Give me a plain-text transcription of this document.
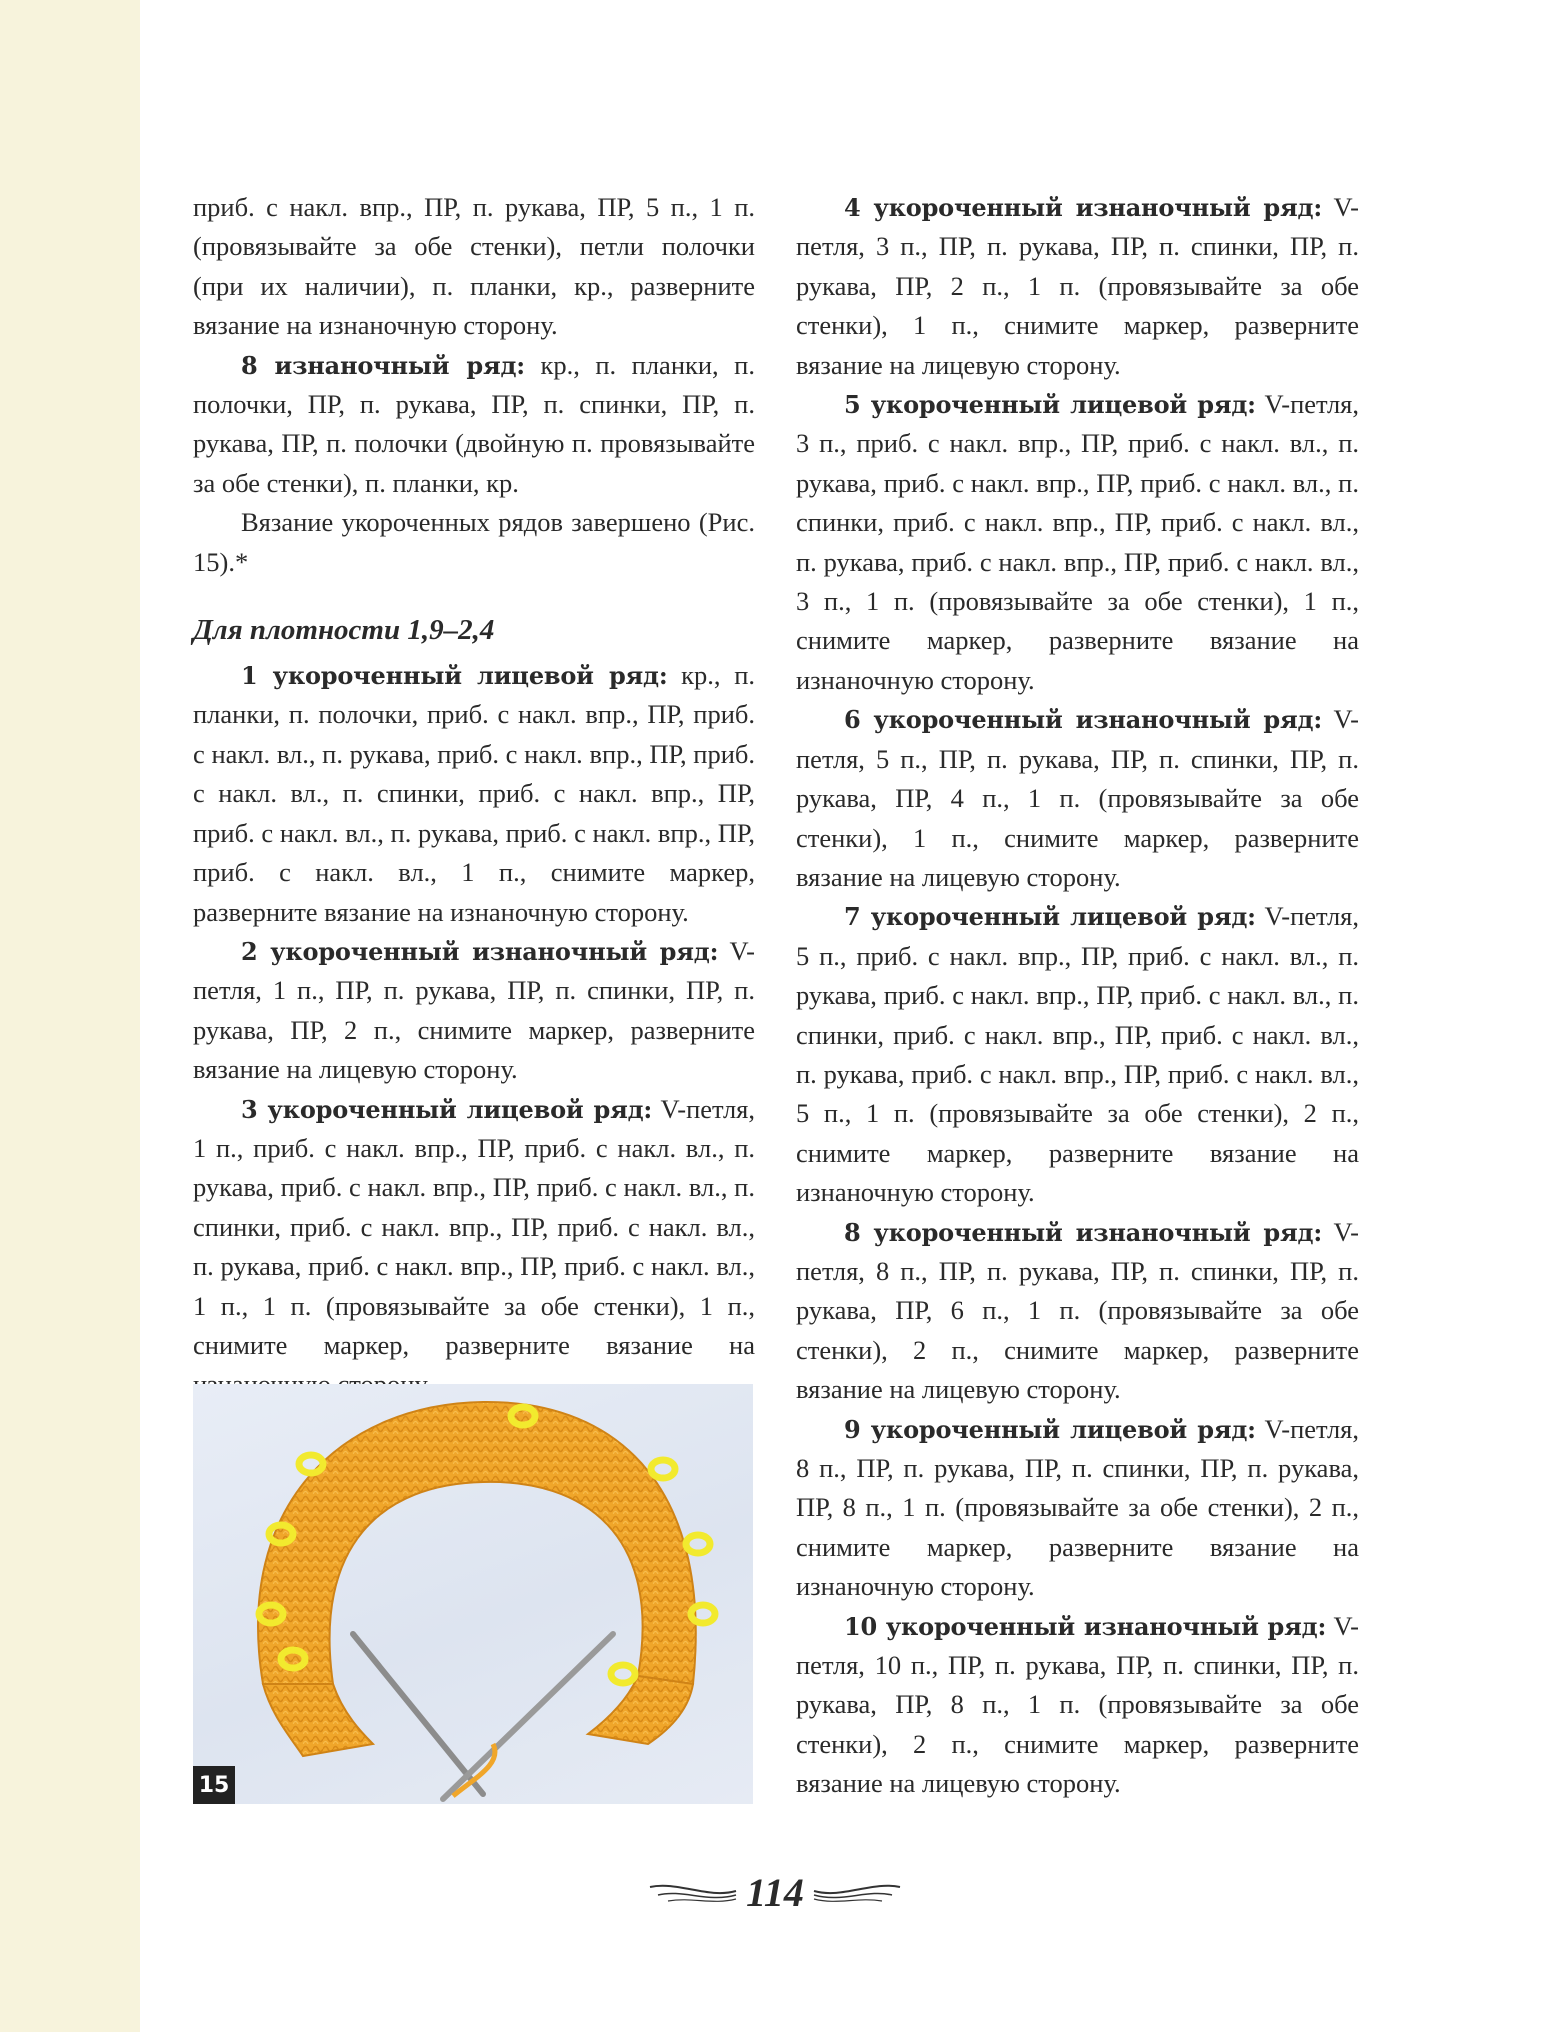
приб. с накл. впр., ПР, п. рукава, ПР, 5 п., 1 п. (провязывайте за обе стенки), петли полочки (при их наличии), п. планки, кр., разверните вязание на изнаночную сторону.

8 изнаночный ряд: кр., п. планки, п. полочки, ПР, п. рукава, ПР, п. спинки, ПР, п. рукава, ПР, п. полочки (двойную п. провязывайте за обе стенки), п. планки, кр.

Вязание укороченных рядов завершено (Рис. 15).*

Для плотности 1,9–2,4

1 укороченный лицевой ряд: кр., п. планки, п. полочки, приб. с накл. впр., ПР, приб. с накл. вл., п. рукава, приб. с накл. впр., ПР, приб. с накл. вл., п. спинки, приб. с накл. впр., ПР, приб. с накл. вл., п. рукава, приб. с накл. впр., ПР, приб. с накл. вл., 1 п., снимите маркер, разверните вязание на изнаночную сторону.

2 укороченный изнаночный ряд: V-петля, 1 п., ПР, п. рукава, ПР, п. спинки, ПР, п. рукава, ПР, 2 п., снимите маркер, разверните вязание на лицевую сторону.

3 укороченный лицевой ряд: V-петля, 1 п., приб. с накл. впр., ПР, приб. с накл. вл., п. рукава, приб. с накл. впр., ПР, приб. с накл. вл., п. спинки, приб. с накл. впр., ПР, приб. с накл. вл., п. рукава, приб. с накл. впр., ПР, приб. с накл. вл., 1 п., 1 п. (провязывайте за обе стенки), 1 п., снимите маркер, разверните вязание на

15

4 укороченный изнаночный ряд: V-петля, 3 п., ПР, п. рукава, ПР, п. спинки, ПР, п. рукава, ПР, 2 п., 1 п. (провязывайте за обе стенки), 1 п., снимите маркер, разверните вязание на лицевую сторону.

5 укороченный лицевой ряд: V-петля, 3 п., приб. с накл. впр., ПР, приб. с накл. вл., п. рукава, приб. с накл. впр., ПР, приб. с накл. вл., п. спинки, приб. с накл. впр., ПР, приб. с накл. вл., п. рукава, приб. с накл. впр., ПР, приб. с накл. вл., 3 п., 1 п. (провязывайте за обе стенки), 1 п., снимите маркер, разверните вязание на изнаночную сторону.

6 укороченный изнаночный ряд: V-петля, 5 п., ПР, п. рукава, ПР, п. спинки, ПР, п. рукава, ПР, 4 п., 1 п. (провязывайте за обе стенки), 1 п., снимите маркер, разверните вязание на лицевую сторону.

7 укороченный лицевой ряд: V-петля, 5 п., приб. с накл. впр., ПР, приб. с накл. вл., п. рукава, приб. с накл. впр., ПР, приб. с накл. вл., п. спинки, приб. с накл. впр., ПР, приб. с накл. вл., п. рукава, приб. с накл. впр., ПР, приб. с накл. вл., 5 п., 1 п. (провязывайте за обе стенки), 2 п., снимите маркер, разверните вязание на изнаночную сторону.

8 укороченный изнаночный ряд: V-петля, 8 п., ПР, п. рукава, ПР, п. спинки, ПР, п. рукава, ПР, 6 п., 1 п. (провязывайте за обе стенки), 2 п., снимите маркер, разверните вязание на лицевую сторону.

9 укороченный лицевой ряд: V-петля, 8 п., ПР, п. рукава, ПР, п. спинки, ПР, п. рукава, ПР, 8 п., 1 п. (провязывайте за обе стенки), 2 п., снимите маркер, разверните вязание на изнаночную сторону.

10 укороченный изнаночный ряд: V-петля, 10 п., ПР, п. рукава, ПР, п. спинки, ПР, п. рукава, ПР, 8 п., 1 п. (провязывайте за обе стенки), 2 п., снимите маркер, разверните вязание на лицевую сторону.

114
